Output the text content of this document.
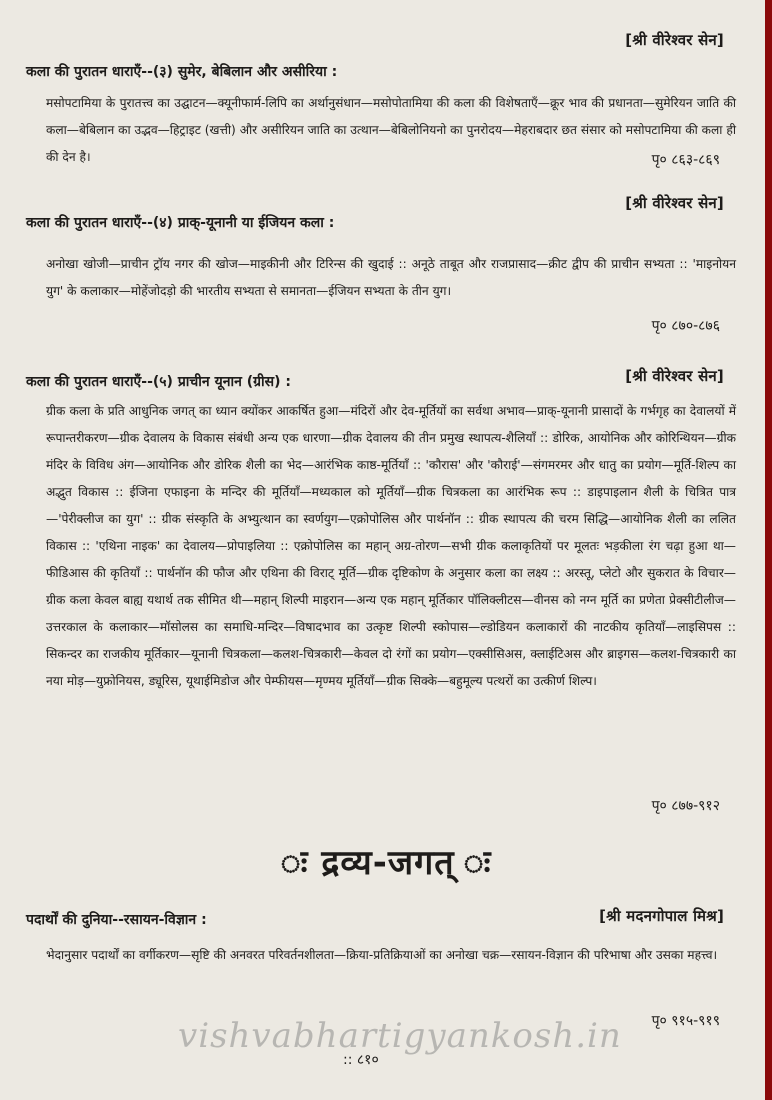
[श्री वीरेश्वर सेन]
कला की पुरातन धाराएँ--(३) सुमेर, बेबिलान और असीरिया :
मसोपटामिया के पुरातत्त्व का उद्घाटन—क्यूनीफार्म-लिपि का अर्थानुसंधान—मसोपोतामिया की कला की विशेषताएँ—क्रूर भाव की प्रधानता—सुमेरियन जाति की कला—बेबिलान का उद्भव—हिट्राइट (खत्ती) और असीरियन जाति का उत्थान—बेबिलोनियनो का पुनरोदय—मेहराबदार छत संसार को मसोपटामिया की कला ही की देन है।	पृ० ८६३-८६९
[श्री वीरेश्वर सेन]
कला की पुरातन धाराएँ--(४) प्राक्-यूनानी या ईजियन कला :
अनोखा खोजी—प्राचीन ट्रॉय नगर की खोज—माइकीनी और टिरिन्स की खुदाई :: अनूठे ताबूत और राजप्रासाद—क्रीट द्वीप की प्राचीन सभ्यता :: 'माइनोयन युग' के कलाकार—मोहेंजोदड़ो की भारतीय सभ्यता से समानता—ईजियन सभ्यता के तीन युग।
पृ० ८७०-८७६
[श्री वीरेश्वर सेन]
कला की पुरातन धाराएँ--(५) प्राचीन यूनान (ग्रीस) :
ग्रीक कला के प्रति आधुनिक जगत् का ध्यान क्योंकर आकर्षित हुआ—मंदिरों और देव-मूर्तियों का सर्वथा अभाव—प्राक्-यूनानी प्रासादों के गर्भगृह का देवालयों में रूपान्तरीकरण—ग्रीक देवालय के विकास संबंधी अन्य एक धारणा—ग्रीक देवालय की तीन प्रमुख स्थापत्य-शैलियाँ :: डोरिक, आयोनिक और कोरिन्थियन—ग्रीक मंदिर के विविध अंग—आयोनिक और डोरिक शैली का भेद—आरंभिक काष्ठ-मूर्तियाँ :: 'कौरास' और 'कौराई'—संगमरमर और धातु का प्रयोग—मूर्ति-शिल्प का अद्भुत विकास :: ईजिना एफाइना के मन्दिर की मूर्तियाँ—मध्यकाल को मूर्तियाँ—ग्रीक चित्रकला का आरंभिक रूप :: डाइपाइलान शैली के चित्रित पात्र—'पेरीक्लीज का युग' :: ग्रीक संस्कृति के अभ्युत्थान का स्वर्णयुग—एक्रोपोलिस और पार्थनॉन :: ग्रीक स्थापत्य की चरम सिद्धि—आयोनिक शैली का ललित विकास :: 'एथिना नाइक' का देवालय—प्रोपाइलिया :: एक्रोपोलिस का महान् अग्र-तोरण—सभी ग्रीक कलाकृतियों पर मूलतः भड़कीला रंग चढ़ा हुआ था—फीडिआस की कृतियाँ :: पार्थनॉन की फौज और एथिना की विराट् मूर्ति—ग्रीक दृष्टिकोण के अनुसार कला का लक्ष्य :: अरस्तू, प्लेटो और सुकरात के विचार—ग्रीक कला केवल बाह्य यथार्थ तक सीमित थी—महान् शिल्पी माइरान—अन्य एक महान् मूर्तिकार पॉलिक्लीटस—वीनस को नग्न मूर्ति का प्रणेता प्रेक्सीटीलीज—उत्तरकाल के कलाकार—मॉसोलस का समाधि-मन्दिर—विषादभाव का उत्कृष्ट शिल्पी स्कोपास—ल्डोडियन कलाकारों की नाटकीय कृतियाँ—लाइसिपस :: सिकन्दर का राजकीय मूर्तिकार—यूनानी चित्रकला—कलश-चित्रकारी—केवल दो रंगों का प्रयोग—एक्सीसिअस, क्लाईटिअस और ब्राइगस—कलश-चित्रकारी का नया मोड़—युफ्रोनियस, ड्यूरिस, यूथाईमिडोज और पेम्फीयस—मृण्मय मूर्तियाँ—ग्रीक सिक्के—बहुमूल्य पत्थरों का उत्कीर्ण शिल्प।
पृ० ८७७-९१२
ः द्रव्य-जगत् ः
पदार्थों की दुनिया--रसायन-विज्ञान :	[श्री मदनगोपाल मिश्र]
भेदानुसार पदार्थों का वर्गीकरण—सृष्टि की अनवरत परिवर्तनशीलता—क्रिया-प्रतिक्रियाओं का अनोखा चक्र—रसायन-विज्ञान की परिभाषा और उसका महत्त्व।
पृ० ९१५-९१९
vishvabhartigyankosh.in
:: ८१०
